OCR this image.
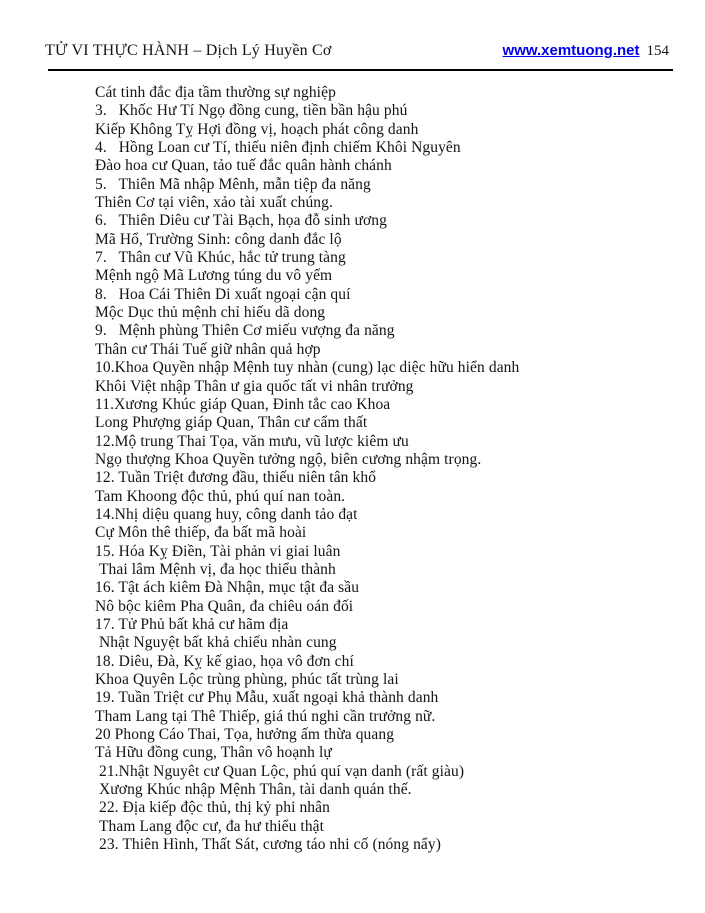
TỬ VI THỰC HÀNH – Dịch Lý Huyền Cơ	www.xemtuong.net 154
Cát tinh đắc địa tầm thường sự nghiệp
3.   Khốc Hư Tí Ngọ đồng cung, tiền bần hậu phú
Kiếp Không Tỵ Hợi đồng vị, hoạch phát công danh
4.   Hồng Loan cư Tí, thiếu niên định chiếm Khôi Nguyên
Đào hoa cư Quan, tảo tuế đắc quân hành chánh
5.   Thiên Mã nhập Mênh, mẫn tiệp đa năng
Thiên Cơ tại viên, xảo tài xuất chúng.
6.   Thiên Diêu cư Tài Bạch, họa đỗ sinh ương
Mã Hổ, Trường Sinh: công danh đắc lộ
7.   Thân cư Vũ Khúc, hắc tử trung tàng
Mệnh ngộ Mã Lương túng du vô yếm
8.   Hoa Cái Thiên Di xuất ngoại cận quí
Mộc Dục thủ mệnh chỉ hiếu dã dong
9.   Mệnh phùng Thiên Cơ miếu vượng đa năng
Thân cư Thái Tuế giữ nhân quả hợp
10.Khoa Quyền nhập Mệnh tuy nhàn (cung) lạc diệc hữu hiển danh
Khôi Việt nhập Thân ư gia quốc tất vi nhân trưởng
11.Xương Khúc giáp Quan, Đinh tắc cao Khoa
Long Phượng giáp Quan, Thân cư cẩm thất
12.Mộ trung Thai Tọa, văn mưu, vũ lược kiêm ưu
Ngọ thượng Khoa Quyền tưởng ngộ, biên cương nhậm trọng.
12. Tuần Triệt đương đầu, thiếu niên tân khổ
Tam Khoong độc thủ, phú quí nan toàn.
14.Nhị diệu quang huy, công danh tảo đạt
Cự Môn thê thiếp, đa bất mã hoài
15. Hóa Kỵ Điền, Tài phản vi giai luân
Thai lâm Mệnh vị, đa học thiểu thành
16. Tật ách kiêm Đà Nhận, mục tật đa sầu
Nô bộc kiêm Pha Quân, đa chiêu oán đối
17. Tử Phủ bất khả cư hãm địa
Nhật Nguyệt bất khả chiếu nhàn cung
18. Diêu, Đà, Kỵ kế giao, họa vô đơn chí
Khoa Quyên Lộc trùng phùng, phúc tất trùng lai
19. Tuần Triệt cư Phụ Mẫu, xuất ngoại khả thành danh
Tham Lang tại Thê Thiếp, giá thú nghi cần trưởng nữ.
20 Phong Cáo Thai, Tọa, hưởng ấm thừa quang
Tả Hữu đồng cung, Thân vô hoạnh lự
21.Nhật Nguyêt cư Quan Lộc, phú quí vạn danh (rất giàu)
Xương Khúc nhập Mệnh Thân, tài danh quán thế.
22. Địa kiếp độc thủ, thị kỷ phi nhân
Tham Lang độc cư, đa hư thiểu thật
23. Thiên Hình, Thất Sát, cương táo nhi cố (nóng nẩy)
